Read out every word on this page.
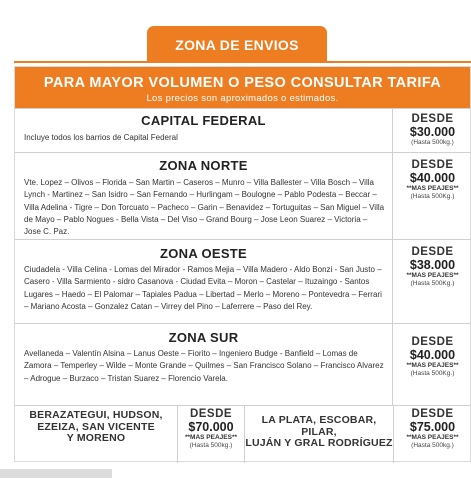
ZONA DE ENVIOS
PARA MAYOR VOLUMEN O PESO CONSULTAR TARIFA
Los precios son aproximados o estimados.
CAPITAL FEDERAL
Incluye todos los barrios de Capital Federal
DESDE
$30.000
(Hasta 500kg.)
ZONA NORTE
Vte. Lopez – Olivos – Florida – San Martin – Caseros – Munro – Villa Ballester – Villa Bosch – Villa Lynch - Martinez – San Isidro – San Fernando – Hurlingam – Boulogne – Pablo Podesta – Beccar – Villa Adelina - Tigre – Don Torcuato – Pacheco – Garin – Benavidez – Tortuguitas – San Miguel – Villa de Mayo – Pablo Nogues - Bella Vista – Del Viso – Grand Bourg – Jose Leon Suarez – Victoria – Jose C. Paz.
DESDE
$40.000
**MAS PEAJES**
(Hasta 500Kg.)
ZONA OESTE
Ciudadela - Villa Celina - Lomas del Mirador - Ramos Mejia – Villa Madero - Aldo Bonzi - San Justo – Casero - Villa Sarmiento - sidro Casanova - Ciudad Evita – Moron – Castelar – Ituzaingo - Santos Lugares – Haedo – El Palomar – Tapiales Padua – Libertad – Merlo – Moreno – Pontevedra – Ferrari – Mariano Acosta – Gonzalez Catan – Virrey del Pino – Laferrere – Paso del Rey.
DESDE
$38.000
**MAS PEAJES**
(Hasta 500Kg.)
ZONA SUR
Avellaneda – Valentín Alsina – Lanus Oeste – Fiorito – Ingeniero Budge - Banfield – Lomas de Zamora – Temperley – Wilde – Monte Grande – Quilmes – San Francisco Solano – Francisco Alvarez – Adrogue – Burzaco – Tristan Suarez – Florencio Varela.
DESDE
$40.000
**MAS PEAJES**
(Hasta 500Kg.)
BERAZATEGUI, HUDSON,
EZEIZA, SAN VICENTE
Y MORENO
DESDE
$70.000
**MAS PEAJES**
(Hasta 500kg.)
LA PLATA, ESCOBAR, PILAR,
LUJÁN Y GRAL RODRÍGUEZ
DESDE
$75.000
**MAS PEAJES**
(Hasta 500kg.)
